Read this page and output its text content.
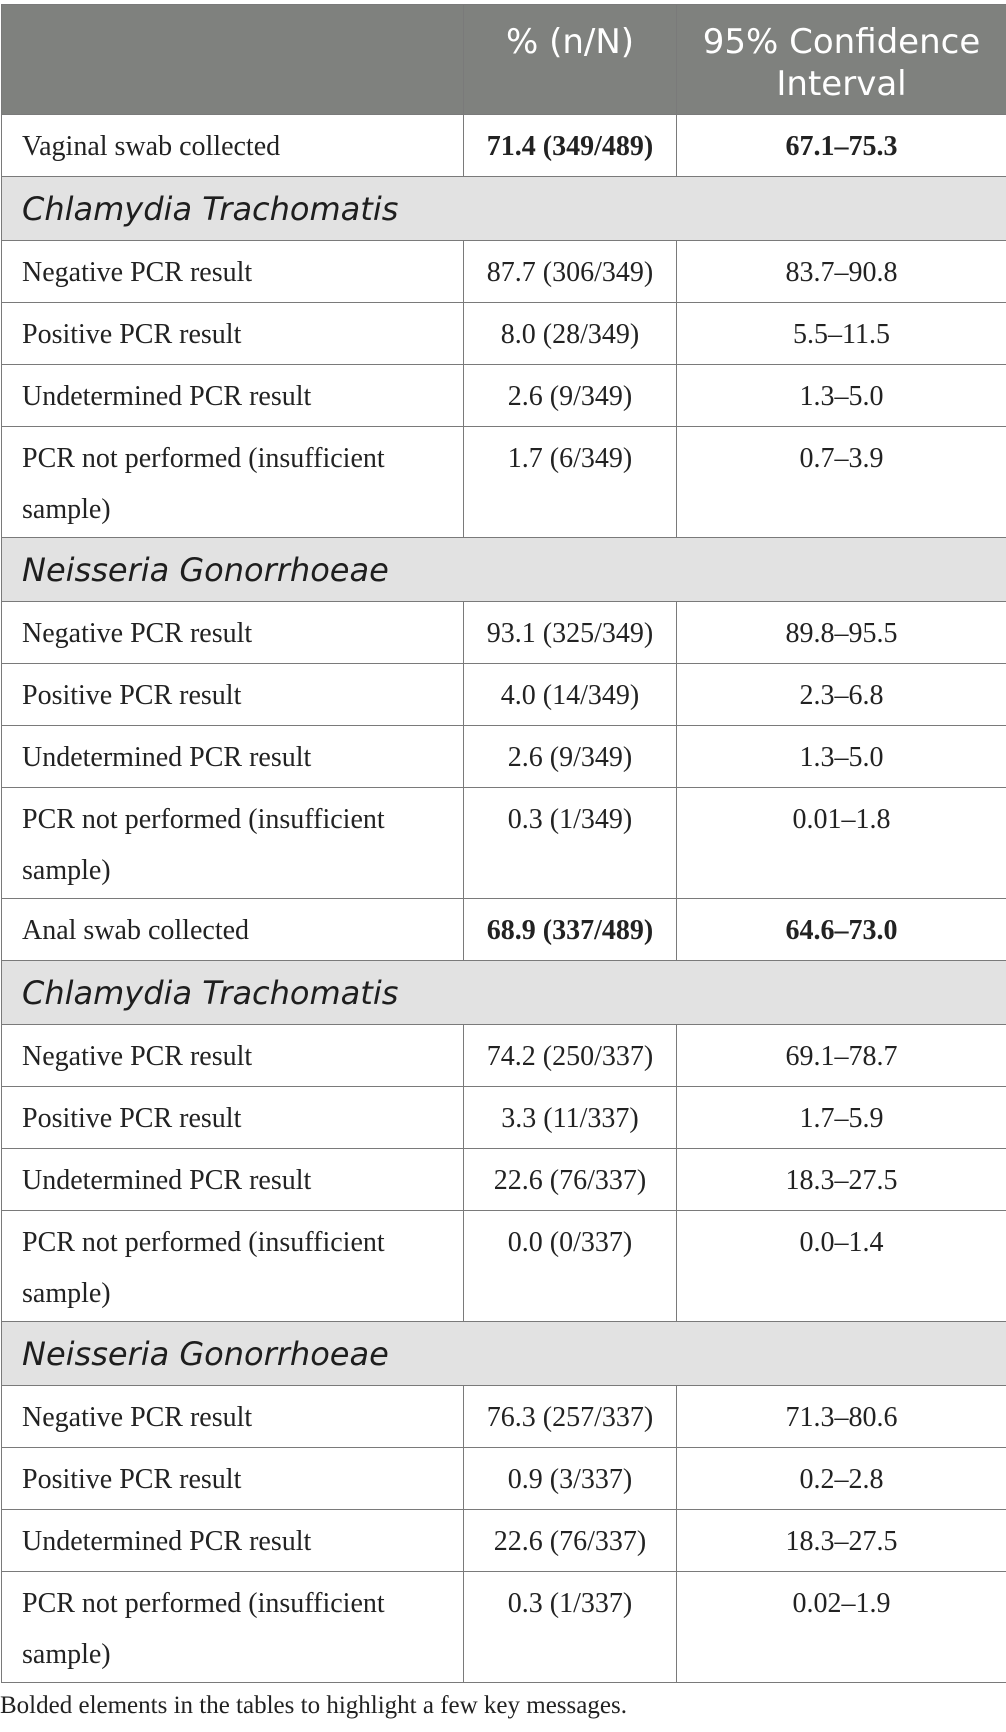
	% (n/N)	95% Confidence Interval
Vaginal swab collected	71.4 (349/489)	67.1–75.3
Chlamydia Trachomatis		
Negative PCR result	87.7 (306/349)	83.7–90.8
Positive PCR result	8.0 (28/349)	5.5–11.5
Undetermined PCR result	2.6 (9/349)	1.3–5.0
PCR not performed (insufficient sample)	1.7 (6/349)	0.7–3.9
Neisseria Gonorrhoeae		
Negative PCR result	93.1 (325/349)	89.8–95.5
Positive PCR result	4.0 (14/349)	2.3–6.8
Undetermined PCR result	2.6 (9/349)	1.3–5.0
PCR not performed (insufficient sample)	0.3 (1/349)	0.01–1.8
Anal swab collected	68.9 (337/489)	64.6–73.0
Chlamydia Trachomatis		
Negative PCR result	74.2 (250/337)	69.1–78.7
Positive PCR result	3.3 (11/337)	1.7–5.9
Undetermined PCR result	22.6 (76/337)	18.3–27.5
PCR not performed (insufficient sample)	0.0 (0/337)	0.0–1.4
Neisseria Gonorrhoeae		
Negative PCR result	76.3 (257/337)	71.3–80.6
Positive PCR result	0.9 (3/337)	0.2–2.8
Undetermined PCR result	22.6 (76/337)	18.3–27.5
PCR not performed (insufficient sample)	0.3 (1/337)	0.02–1.9
Bolded elements in the tables to highlight a few key messages.
